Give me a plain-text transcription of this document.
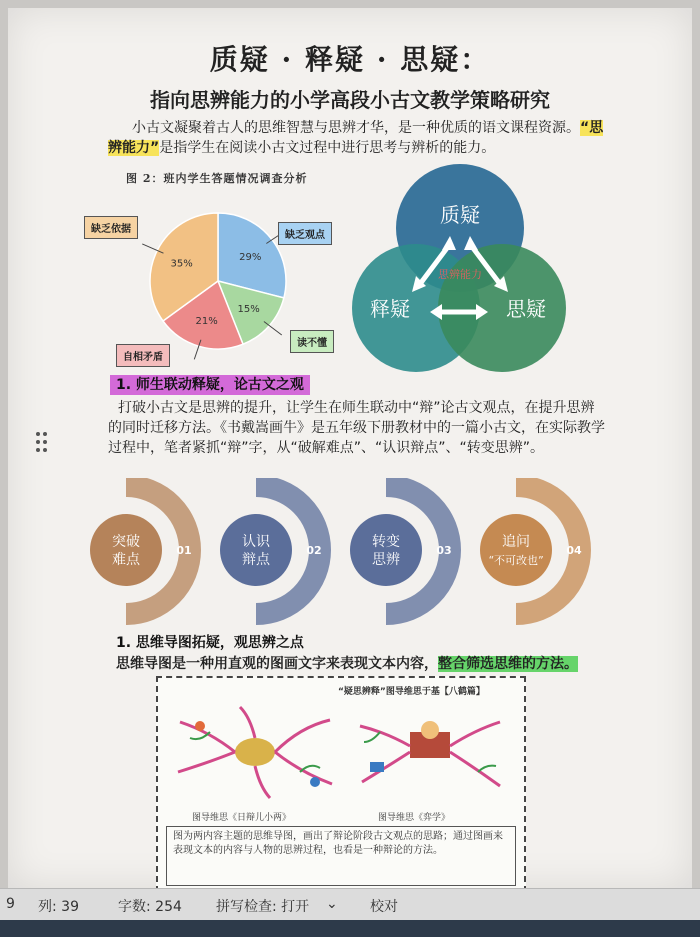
质疑 · 释疑 · 思疑：
指向思辨能力的小学高段小古文教学策略研究
小古文凝聚着古人的思维智慧与思辨才华，是一种优质的语文课程资源。“思辨能力”是指学生在阅读小古文过程中进行思考与辨析的能力。
图 2：班内学生答题情况调查分析
29%
15%
21%
35%
缺乏观点
读不懂
自相矛盾
缺乏依据
质疑
释疑	思疑
思辨能力
1. 师生联动释疑，论古文之观
打破小古文是思辨的提升，让学生在师生联动中“辩”论古文观点，在提升思辨的同时迁移方法。《书戴嵩画牛》是五年级下册教材中的一篇小古文，在实际教学过程中，笔者紧抓“辩”字，从“破解难点”、“认识辩点”、“转变思辨”。
突破
难点
01
认识
辩点
02
转变
思辨
03
追问
“不可改也”
04
1. 思维导图拓疑，观思辨之点
思维导图是一种用直观的图画文字来表现文本内容，整合筛选思维的方法。
“疑思辨释”图导维思于基【八鹤篇】
图导维思《日辩儿小两》	图导维思《弈学》
图为两内容主题的思维导图，画出了辩论阶段古文观点的思路；通过图画来表现文本的内容与人物的思辨过程，也看是一种辩论的方法。
9 列: 39	字数: 254 拼写检查: 打开 ⌄ 校对
